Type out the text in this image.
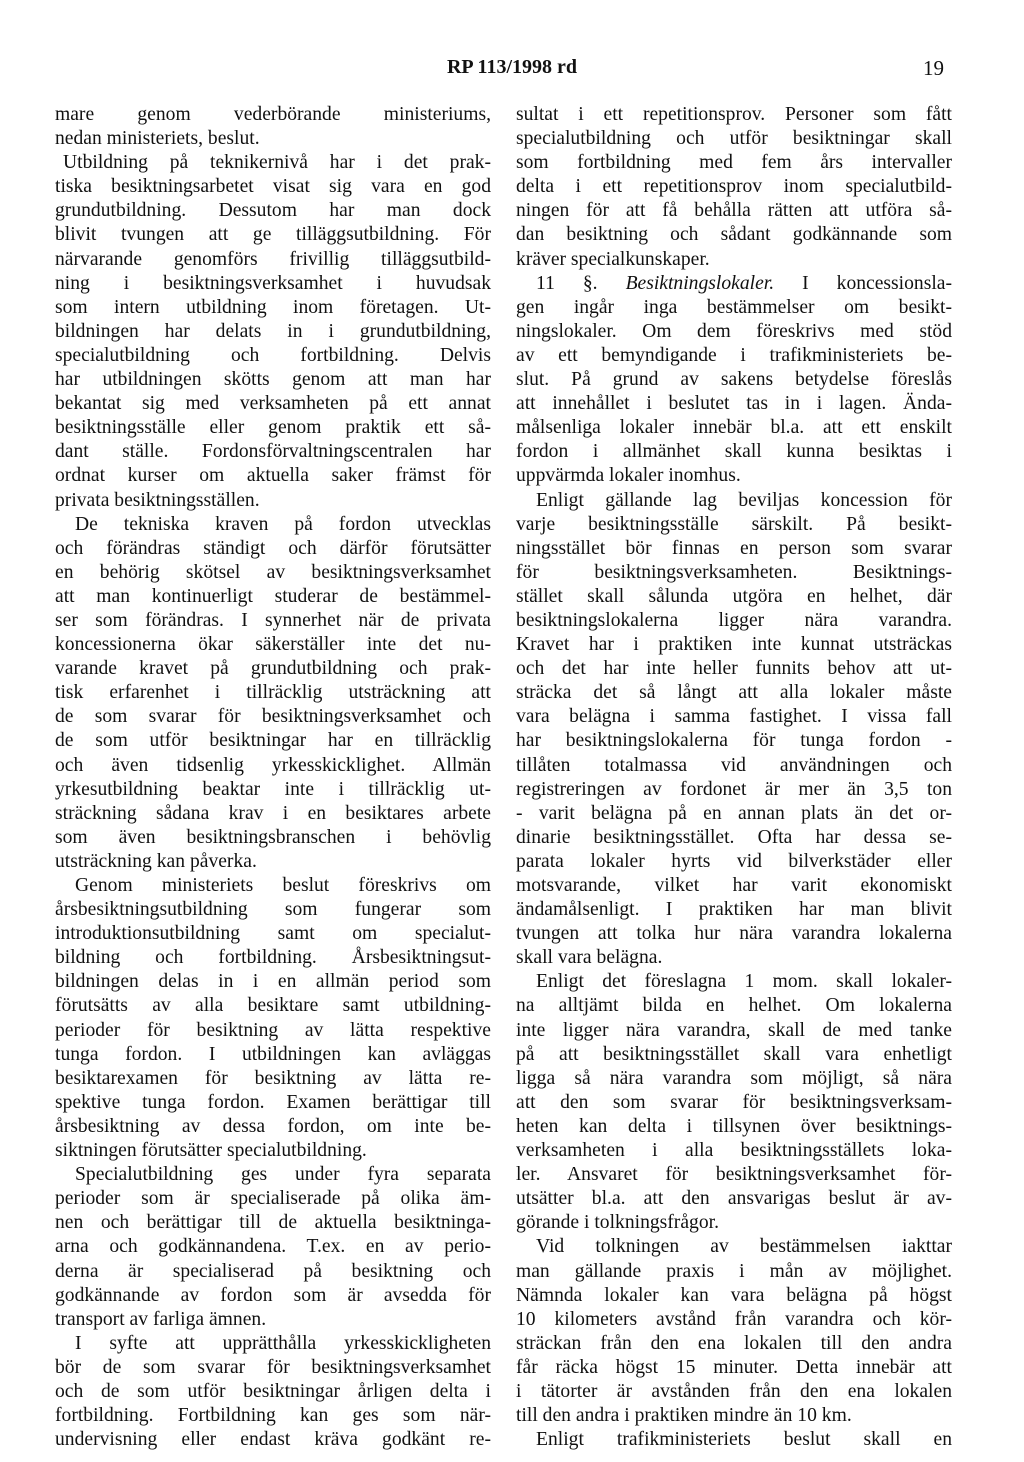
RP 113/1998 rd	19
mare genom vederbörande ministeriums,
nedan ministeriets, beslut.
Utbildning på teknikernivå har i det prak-
tiska besiktningsarbetet visat sig vara en god
grundutbildning. Dessutom har man dock
blivit tvungen att ge tilläggsutbildning. För
närvarande genomförs frivillig tilläggsutbild-
ning i besiktningsverksamhet i huvudsak
som intern utbildning inom företagen. Ut-
bildningen har delats in i grundutbildning,
specialutbildning och fortbildning. Delvis
har utbildningen skötts genom att man har
bekantat sig med verksamheten på ett annat
besiktningsställe eller genom praktik ett så-
dant ställe. Fordonsförvaltningscentralen har
ordnat kurser om aktuella saker främst för
privata besiktningsställen.
De tekniska kraven på fordon utvecklas
och förändras ständigt och därför förutsätter
en behörig skötsel av besiktningsverksamhet
att man kontinuerligt studerar de bestämmel-
ser som förändras. I synnerhet när de privata
koncessionerna ökar säkerställer inte det nu-
varande kravet på grundutbildning och prak-
tisk erfarenhet i tillräcklig utsträckning att
de som svarar för besiktningsverksamhet och
de som utför besiktningar har en tillräcklig
och även tidsenlig yrkesskicklighet. Allmän
yrkesutbildning beaktar inte i tillräcklig ut-
sträckning sådana krav i en besiktares arbete
som även besiktningsbranschen i behövlig
utsträckning kan påverka.
Genom ministeriets beslut föreskrivs om
årsbesiktningsutbildning som fungerar som
introduktionsutbildning samt om specialut-
bildning och fortbildning. Årsbesiktningsut-
bildningen delas in i en allmän period som
förutsätts av alla besiktare samt utbildning-
perioder för besiktning av lätta respektive
tunga fordon. I utbildningen kan avläggas
besiktarexamen för besiktning av lätta re-
spektive tunga fordon. Examen berättigar till
årsbesiktning av dessa fordon, om inte be-
siktningen förutsätter specialutbildning.
Specialutbildning ges under fyra separata
perioder som är specialiserade på olika äm-
nen och berättigar till de aktuella besiktninga-
arna och godkännandena. T.ex. en av perio-
derna är specialiserad på besiktning och
godkännande av fordon som är avsedda för
transport av farliga ämnen.
I syfte att upprätthålla yrkesskickligheten
bör de som svarar för besiktningsverksamhet
och de som utför besiktningar årligen delta i
fortbildning. Fortbildning kan ges som när-
undervisning eller endast kräva godkänt re-
sultat i ett repetitionsprov. Personer som fått
specialutbildning och utför besiktningar skall
som fortbildning med fem års intervaller
delta i ett repetitionsprov inom specialutbild-
ningen för att få behålla rätten att utföra så-
dan besiktning och sådant godkännande som
kräver specialkunskaper.
11 §. Besiktningslokaler. I koncessionsla-
gen ingår inga bestämmelser om besikt-
ningslokaler. Om dem föreskrivs med stöd
av ett bemyndigande i trafikministeriets be-
slut. På grund av sakens betydelse föreslås
att innehållet i beslutet tas in i lagen. Ända-
målsenliga lokaler innebär bl.a. att ett enskilt
fordon i allmänhet skall kunna besiktas i
uppvärmda lokaler inomhus.
Enligt gällande lag beviljas koncession för
varje besiktningsställe särskilt. På besikt-
ningsstället bör finnas en person som svarar
för besiktningsverksamheten. Besiktnings-
stället skall sålunda utgöra en helhet, där
besiktningslokalerna ligger nära varandra.
Kravet har i praktiken inte kunnat utsträckas
och det har inte heller funnits behov att ut-
sträcka det så långt att alla lokaler måste
vara belägna i samma fastighet. I vissa fall
har besiktningslokalerna för tunga fordon -
tillåten totalmassa vid användningen och
registreringen av fordonet är mer än 3,5 ton
- varit belägna på en annan plats än det or-
dinarie besiktningsstället. Ofta har dessa se-
parata lokaler hyrts vid bilverkstäder eller
motsvarande, vilket har varit ekonomiskt
ändamålsenligt. I praktiken har man blivit
tvungen att tolka hur nära varandra lokalerna
skall vara belägna.
Enligt det föreslagna 1 mom. skall lokaler-
na alltjämt bilda en helhet. Om lokalerna
inte ligger nära varandra, skall de med tanke
på att besiktningsstället skall vara enhetligt
ligga så nära varandra som möjligt, så nära
att den som svarar för besiktningsverksam-
heten kan delta i tillsynen över besiktnings-
verksamheten i alla besiktningsställets loka-
ler. Ansvaret för besiktningsverksamhet för-
utsätter bl.a. att den ansvarigas beslut är av-
görande i tolkningsfrågor.
Vid tolkningen av bestämmelsen iakttar
man gällande praxis i mån av möjlighet.
Nämnda lokaler kan vara belägna på högst
10 kilometers avstånd från varandra och kör-
sträckan från den ena lokalen till den andra
får räcka högst 15 minuter. Detta innebär att
i tätorter är avstånden från den ena lokalen
till den andra i praktiken mindre än 10 km.
Enligt trafikministeriets beslut skall en
